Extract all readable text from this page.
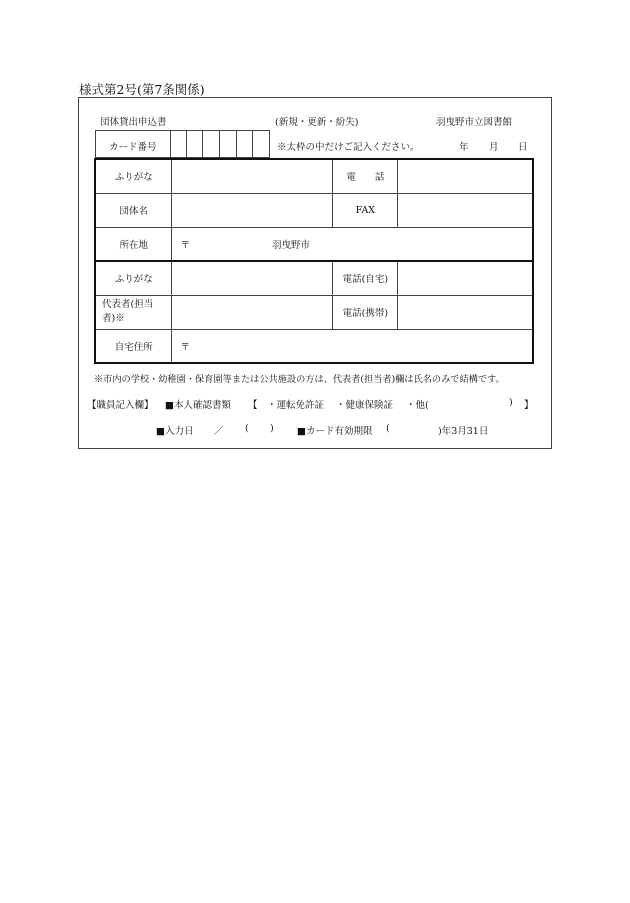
様式第2号(第7条関係)
団体貸出申込書	(新規・更新・紛失)	羽曳野市立図書館
カード番号	※太枠の中だけご記入ください。	年 月 日
ふりがな		電　　話	
団体名		FAX	
所在地	〒 羽曳野市		
ふりがな		電話(自宅)	
代表者(担当者)※		電話(携帯)	
自宅住所	〒		
※市内の学校・幼稚園・保育園等または公共施設の方は、代表者(担当者)欄は氏名のみで結構です。
【職員記入欄】 ■本人確認書類 【 ・運転免許証 ・健康保険証 ・他(	) 】
■入力日 ／ ( ) ■カード有効期限 (	)年3月31日
